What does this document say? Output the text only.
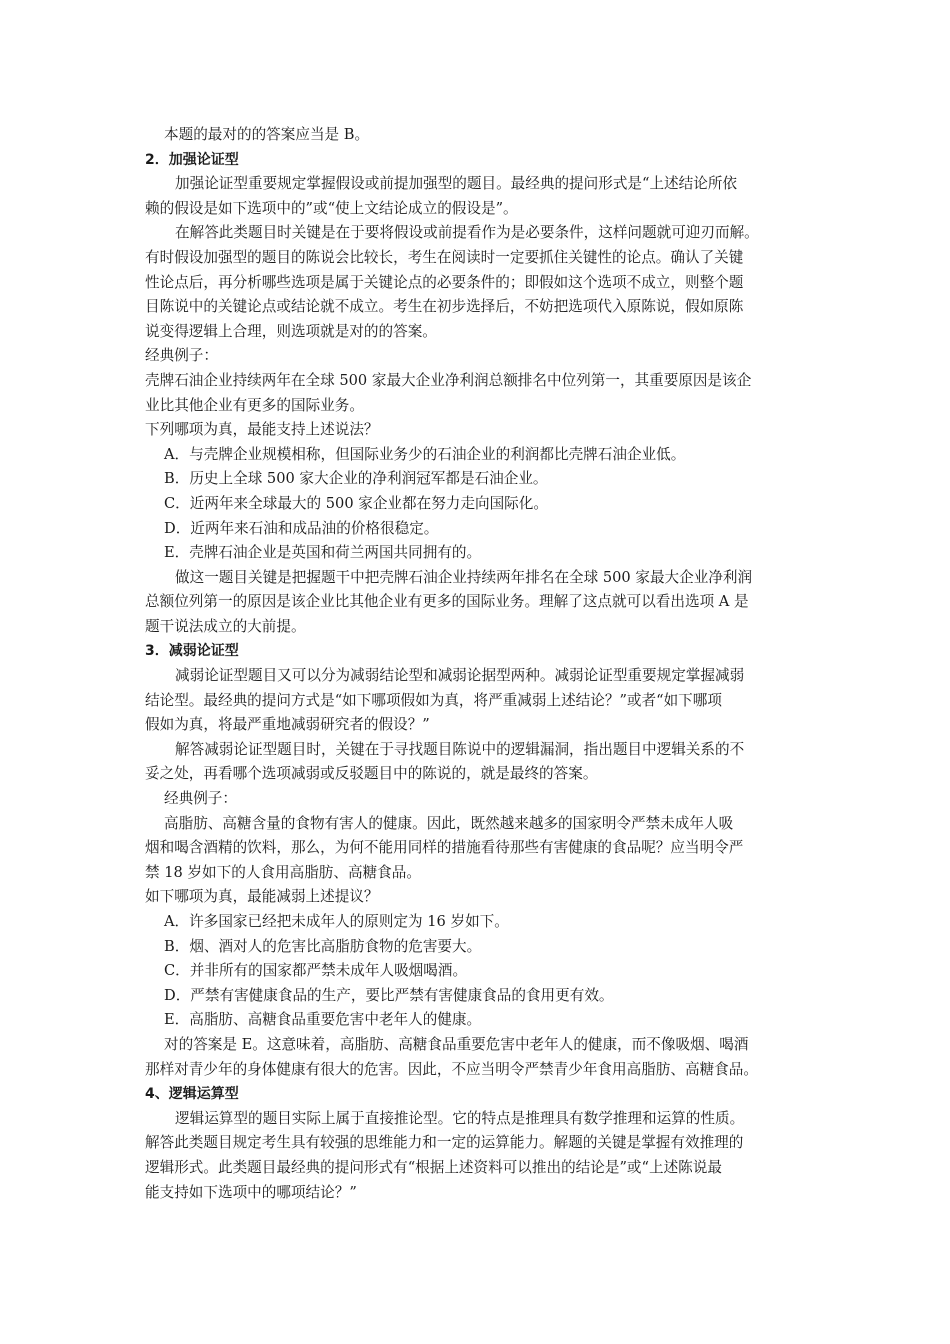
本题的最对的的答案应当是 B。
2．加强论证型
加强论证型重要规定掌握假设或前提加强型的题目。最经典的提问形式是“上述结论所依
赖的假设是如下选项中的”或“使上文结论成立的假设是”。
在解答此类题目时关键是在于要将假设或前提看作为是必要条件，这样问题就可迎刃而解。
有时假设加强型的题目的陈说会比较长，考生在阅读时一定要抓住关键性的论点。确认了关键
性论点后，再分析哪些选项是属于关键论点的必要条件的；即假如这个选项不成立，则整个题
目陈说中的关键论点或结论就不成立。考生在初步选择后，不妨把选项代入原陈说，假如原陈
说变得逻辑上合理，则选项就是对的的答案。
经典例子：
壳牌石油企业持续两年在全球 500 家最大企业净利润总额排名中位列第一，其重要原因是该企
业比其他企业有更多的国际业务。
下列哪项为真，最能支持上述说法？
A．与壳牌企业规模相称，但国际业务少的石油企业的利润都比壳牌石油企业低。
B．历史上全球 500 家大企业的净利润冠军都是石油企业。
C．近两年来全球最大的 500 家企业都在努力走向国际化。
D．近两年来石油和成品油的价格很稳定。
E．壳牌石油企业是英国和荷兰两国共同拥有的。
做这一题目关键是把握题干中把壳牌石油企业持续两年排名在全球 500 家最大企业净利润
总额位列第一的原因是该企业比其他企业有更多的国际业务。理解了这点就可以看出选项 A 是
题干说法成立的大前提。
3．减弱论证型
减弱论证型题目又可以分为减弱结论型和减弱论据型两种。减弱论证型重要规定掌握减弱
结论型。最经典的提问方式是“如下哪项假如为真，将严重减弱上述结论？”或者“如下哪项
假如为真，将最严重地减弱研究者的假设？”
解答减弱论证型题目时，关键在于寻找题目陈说中的逻辑漏洞，指出题目中逻辑关系的不
妥之处，再看哪个选项减弱或反驳题目中的陈说的，就是最终的答案。
经典例子：
高脂肪、高糖含量的食物有害人的健康。因此，既然越来越多的国家明令严禁未成年人吸
烟和喝含酒精的饮料，那么，为何不能用同样的措施看待那些有害健康的食品呢？应当明令严
禁 18 岁如下的人食用高脂肪、高糖食品。
如下哪项为真，最能减弱上述提议？
A．许多国家已经把未成年人的原则定为 16 岁如下。
B．烟、酒对人的危害比高脂肪食物的危害要大。
C．并非所有的国家都严禁未成年人吸烟喝酒。
D．严禁有害健康食品的生产，要比严禁有害健康食品的食用更有效。
E．高脂肪、高糖食品重要危害中老年人的健康。
对的答案是 E。这意味着，高脂肪、高糖食品重要危害中老年人的健康，而不像吸烟、喝酒
那样对青少年的身体健康有很大的危害。因此，不应当明令严禁青少年食用高脂肪、高糖食品。
4、逻辑运算型
逻辑运算型的题目实际上属于直接推论型。它的特点是推理具有数学推理和运算的性质。
解答此类题目规定考生具有较强的思维能力和一定的运算能力。解题的关键是掌握有效推理的
逻辑形式。此类题目最经典的提问形式有“根据上述资料可以推出的结论是”或“上述陈说最
能支持如下选项中的哪项结论？”
